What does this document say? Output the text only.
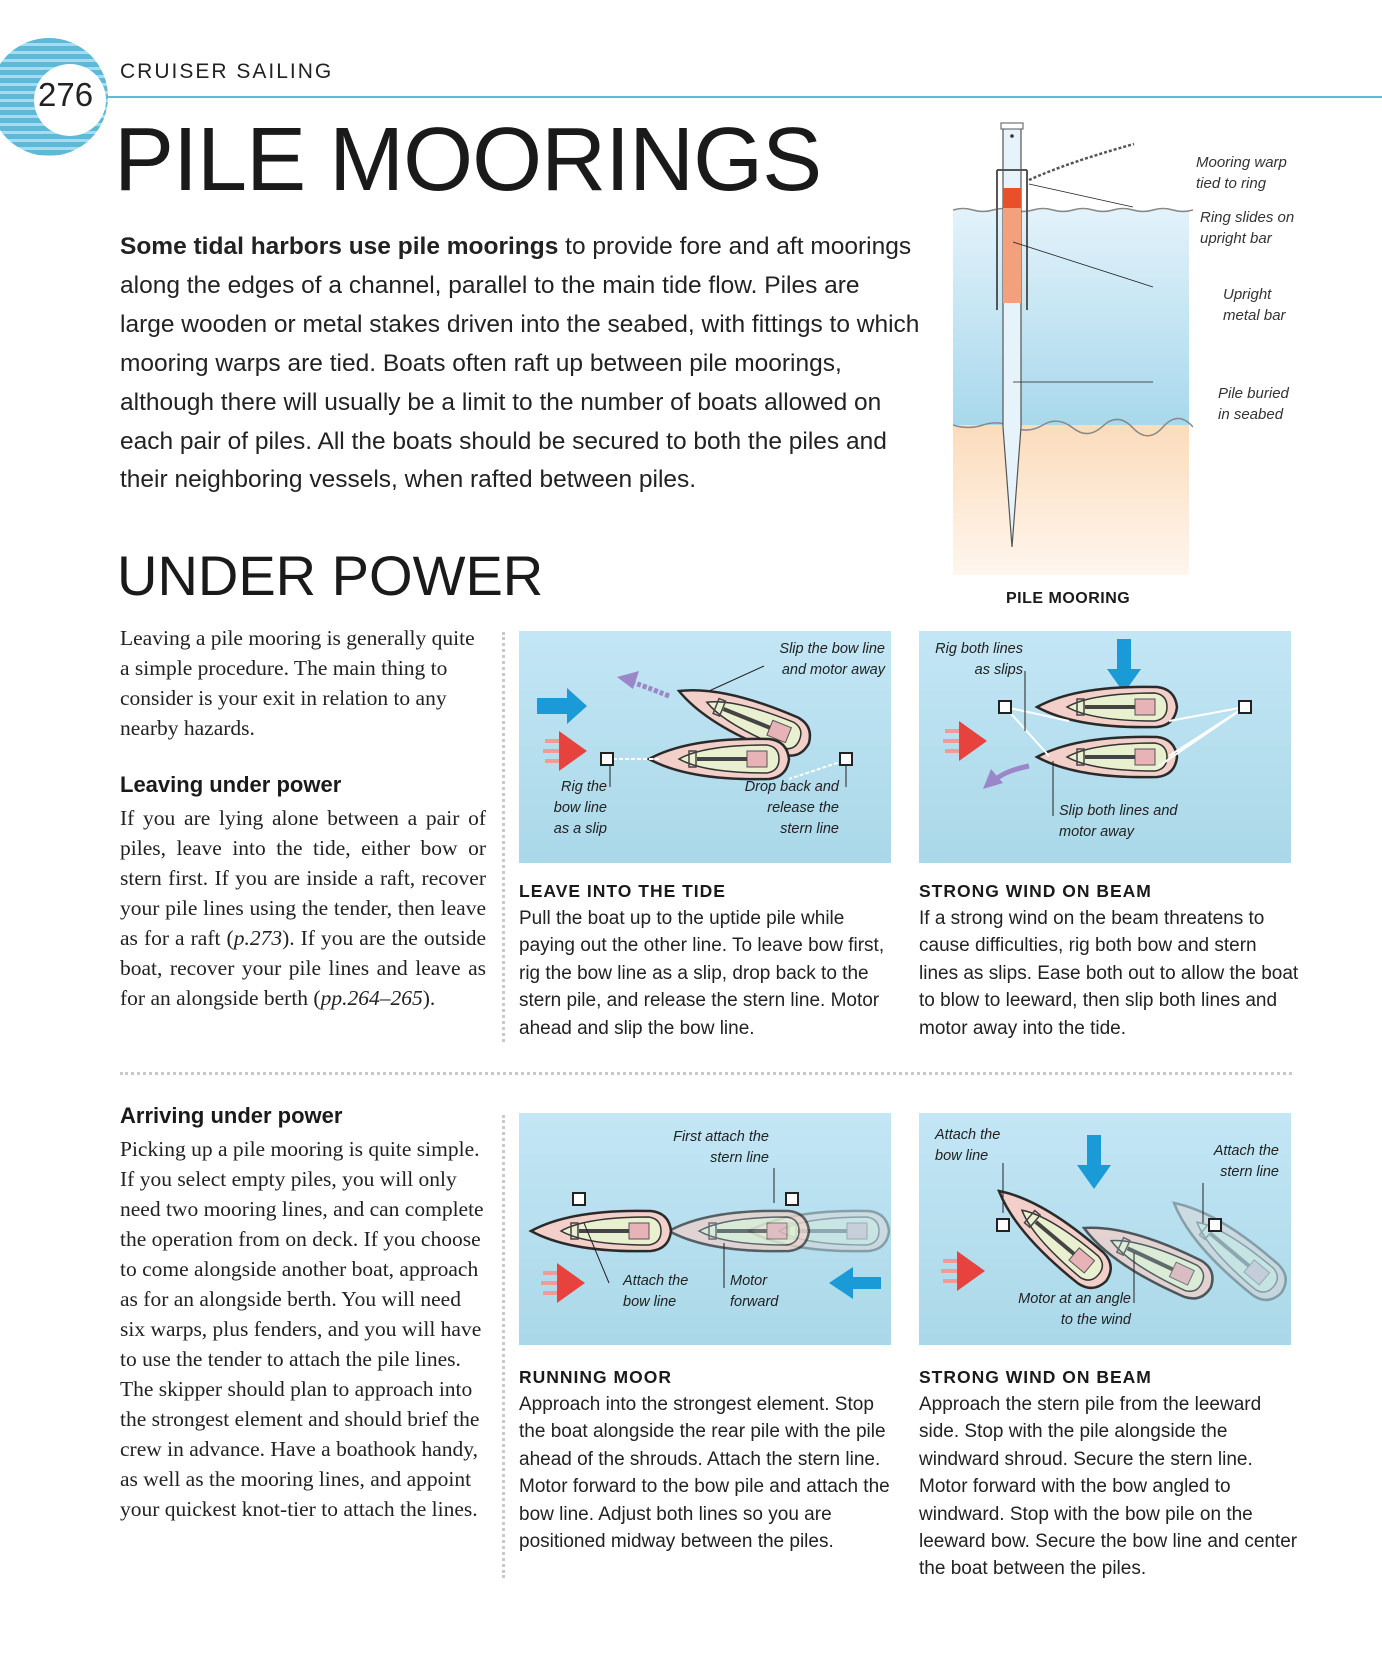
276
CRUISER SAILING
PILE MOORINGS

Some tidal harbors use pile moorings to provide fore and aft moorings along the edges of a channel, parallel to the main tide flow. Piles are large wooden or metal stakes driven into the seabed, with fittings to which mooring warps are tied. Boats often raft up between pile moorings, although there will usually be a limit to the number of boats allowed on each pair of piles. All the boats should be secured to both the piles and their neighboring vessels, when rafted between piles.

Mooring warp tied to ring
Ring slides on upright bar
Upright metal bar
Pile buried in seabed
PILE MOORING
UNDER POWER

Leaving a pile mooring is generally quite a simple procedure. The main thing to consider is your exit in relation to any nearby hazards.

Leaving under power

If you are lying alone between a pair of piles, leave into the tide, either bow or stern first. If you are inside a raft, recover your pile lines using the tender, then leave as for a raft (p.273). If you are the outside boat, recover your pile lines and leave as for an alongside berth (pp.264–265).

Arriving under power

Picking up a pile mooring is quite simple. If you select empty piles, you will only need two mooring lines, and can complete the operation from on deck. If you choose to come alongside another boat, approach as for an alongside berth. You will need six warps, plus fenders, and you will have to use the tender to attach the pile lines. The skipper should plan to approach into the strongest element and should brief the crew in advance. Have a boathook handy, as well as the mooring lines, and appoint your quickest knot-tier to attach the lines.

Slip the bow line and motor away
Rig the bow line as a slip
Drop back and release the stern line
LEAVE INTO THE TIDE

Pull the boat up to the uptide pile while paying out the other line. To leave bow first, rig the bow line as a slip, drop back to the stern pile, and release the stern line. Motor ahead and slip the bow line.

Rig both lines as slips
Slip both lines and motor away
STRONG WIND ON BEAM

If a strong wind on the beam threatens to cause difficulties, rig both bow and stern lines as slips. Ease both out to allow the boat to blow to leeward, then slip both lines and motor away into the tide.

First attach the stern line
Attach the bow line
Motor forward
RUNNING MOOR

Approach into the strongest element. Stop the boat alongside the rear pile with the pile ahead of the shrouds. Attach the stern line. Motor forward to the bow pile and attach the bow line. Adjust both lines so you are positioned midway between the piles.

Attach the bow line	Attach the stern line
Motor at an angle to the wind
STRONG WIND ON BEAM

Approach the stern pile from the leeward side. Stop with the pile alongside the windward shroud. Secure the stern line. Motor forward with the bow angled to windward. Stop with the bow pile on the leeward bow. Secure the bow line and center the boat between the piles.
